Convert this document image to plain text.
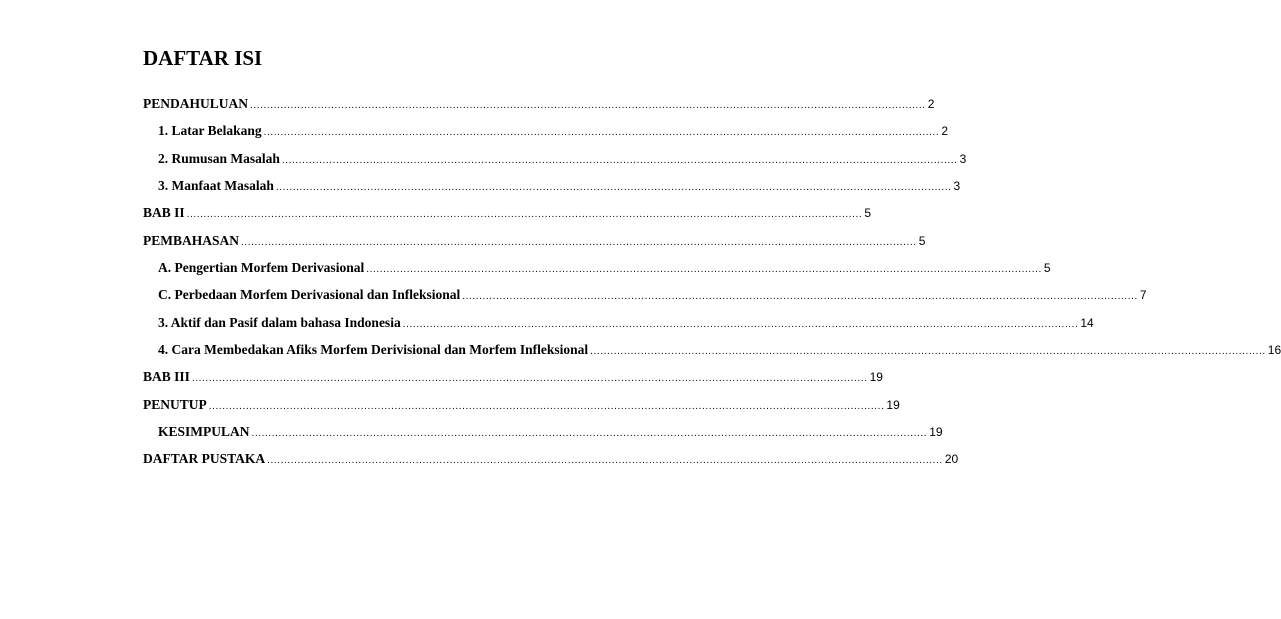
DAFTAR ISI
PENDAHULUAN ........................................................................................................................................................................................................ 2
1. Latar Belakang ........................................................................................................................................................................................................ 2
2. Rumusan Masalah ........................................................................................................................................................................................................ 3
3. Manfaat Masalah ........................................................................................................................................................................................................ 3
BAB II ........................................................................................................................................................................................................ 5
PEMBAHASAN ........................................................................................................................................................................................................ 5
A. Pengertian Morfem Derivasional ........................................................................................................................................................................................................ 5
C. Perbedaan Morfem Derivasional dan Infleksional ........................................................................................................................................................................................................ 7
3. Aktif dan Pasif dalam bahasa Indonesia ........................................................................................................................................................................................................ 14
4. Cara Membedakan Afiks Morfem Derivisional dan Morfem Infleksional ........................................................................................................................................................................................................ 16
BAB III ........................................................................................................................................................................................................ 19
PENUTUP ........................................................................................................................................................................................................ 19
KESIMPULAN ........................................................................................................................................................................................................ 19
DAFTAR PUSTAKA ........................................................................................................................................................................................................ 20
